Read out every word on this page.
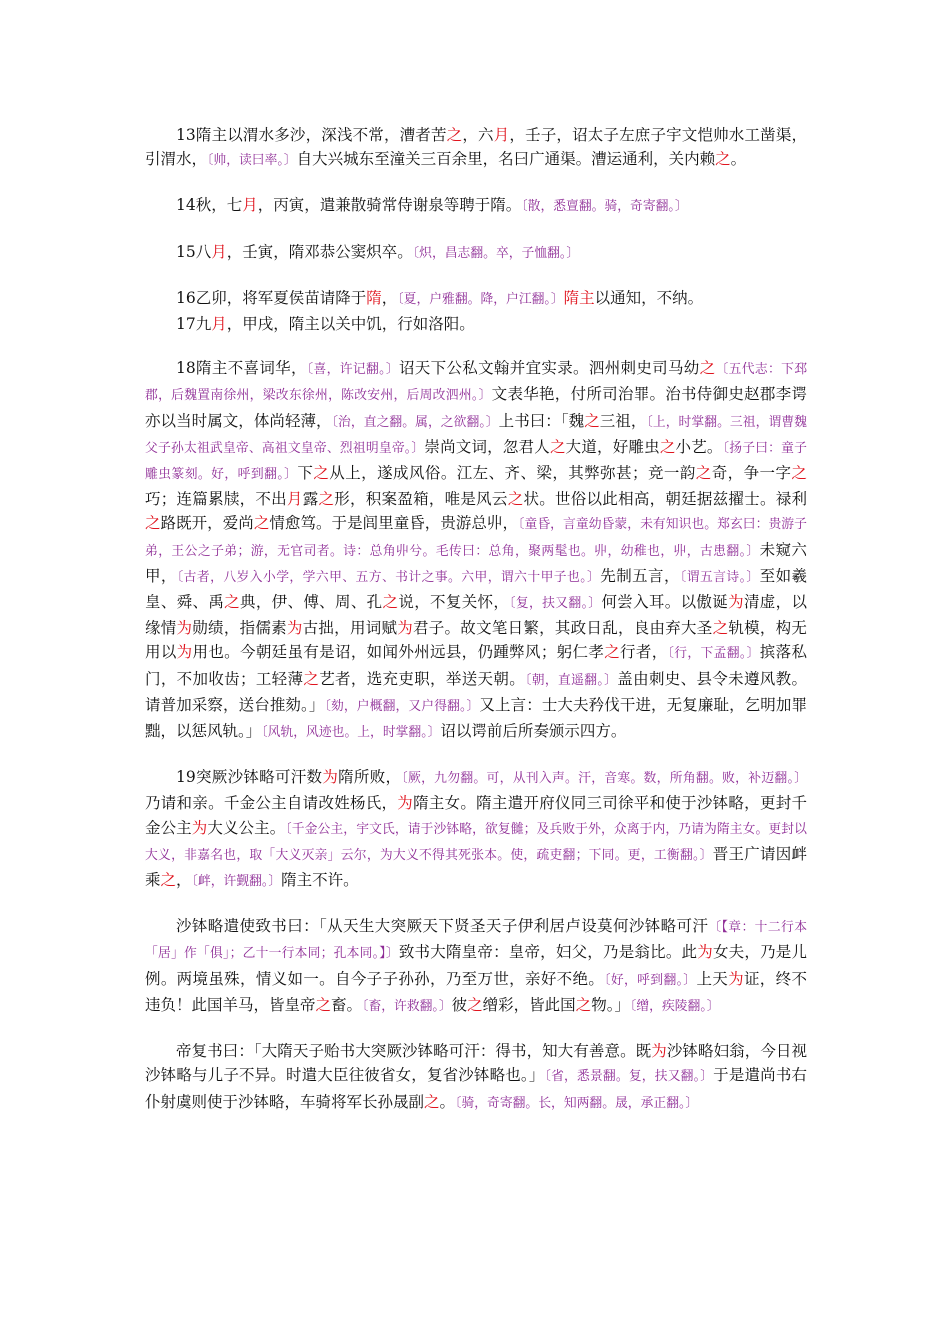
13隋主以渭水多沙，深浅不常，漕者苦之，六月，壬子，诏太子左庶子宇文恺帅水工凿渠，引渭水，〔帅，读曰率。〕自大兴城东至潼关三百余里，名曰广通渠。漕运通利，关内赖之。

14秋，七月，丙寅，遣兼散骑常侍谢泉等聘于隋。〔散，悉亶翻。骑，奇寄翻。〕

15八月，壬寅，隋邓恭公窦炽卒。〔炽，昌志翻。卒，子恤翻。〕

16乙卯，将军夏侯苗请降于隋，〔夏，户雅翻。降，户江翻。〕隋主以通知，不纳。

17九月，甲戌，隋主以关中饥，行如洛阳。

18隋主不喜词华，〔喜，许记翻。〕诏天下公私文翰并宜实录。泗州刺史司马幼之〔五代志：下邳郡，后魏置南徐州，梁改东徐州，陈改安州，后周改泗州。〕文表华艳，付所司治罪。治书侍御史赵郡李谔亦以当时属文，体尚轻薄，〔治，直之翻。属，之欲翻。〕上书曰：「魏之三祖，〔上，时掌翻。三祖，谓曹魏父子孙太祖武皇帝、高祖文皇帝、烈祖明皇帝。〕崇尚文词，忽君人之大道，好雕虫之小艺。〔扬子曰：童子雕虫篆刻。好，呼到翻。〕下之从上，遂成风俗。江左、齐、梁，其弊弥甚；竞一韵之奇，争一字之巧；连篇累牍，不出月露之形，积案盈箱，唯是风云之状。世俗以此相高，朝廷据兹擢士。禄利之路既开，爱尚之情愈笃。于是闾里童昏，贵游总丱，〔童昏，言童幼昏蒙，未有知识也。郑玄曰：贵游子弟，王公之子弟；游，无官司者。诗：总角丱兮。毛传曰：总角，聚两髦也。丱，幼稚也，丱，古患翻。〕未窥六甲，〔古者，八岁入小学，学六甲、五方、书计之事。六甲，谓六十甲子也。〕先制五言，〔谓五言诗。〕至如羲皇、舜、禹之典，伊、傅、周、孔之说，不复关怀，〔复，扶又翻。〕何尝入耳。以傲诞为清虚，以缘情为勋绩，指儒素为古拙，用词赋为君子。故文笔日繁，其政日乱，良由弃大圣之轨模，构无用以为用也。今朝廷虽有是诏，如闻外州远县，仍踵弊风；躬仁孝之行者，〔行，下孟翻。〕摈落私门，不加收齿；工轻薄之艺者，选充吏职，举送天朝。〔朝，直遥翻。〕盖由刺史、县令未遵风教。请普加采察，送台推劾。」〔劾，户概翻，又户得翻。〕又上言：士大夫矜伐干进，无复廉耻，乞明加罪黜，以惩风轨。」〔风轨，风迹也。上，时掌翻。〕诏以谔前后所奏颁示四方。

19突厥沙钵略可汗数为隋所败，〔厥，九勿翻。可，从刊入声。汗，音寒。数，所角翻。败，补迈翻。〕乃请和亲。千金公主自请改姓杨氏，为隋主女。隋主遣开府仪同三司徐平和使于沙钵略，更封千金公主为大义公主。〔千金公主，宇文氏，请于沙钵略，欲复雠；及兵败于外，众离于内，乃请为隋主女。更封以大义，非嘉名也，取「大义灭亲」云尔，为大义不得其死张本。使，疏吏翻；下同。更，工衡翻。〕晋王广请因衅乘之，〔衅，许觐翻。〕隋主不许。

沙钵略遣使致书曰：「从天生大突厥天下贤圣天子伊利居卢设莫何沙钵略可汗〔【章：十二行本「居」作「俱」；乙十一行本同；孔本同。】〕致书大隋皇帝：皇帝，妇父，乃是翁比。此为女夫，乃是儿例。两境虽殊，情义如一。自今子子孙孙，乃至万世，亲好不绝。〔好，呼到翻。〕上天为证，终不违负！此国羊马，皆皇帝之畜。〔畜，许救翻。〕彼之缯彩，皆此国之物。」〔缯，疾陵翻。〕

帝复书曰：「大隋天子贻书大突厥沙钵略可汗：得书，知大有善意。既为沙钵略妇翁，今日视沙钵略与儿子不异。时遣大臣往彼省女，复省沙钵略也。」〔省，悉景翻。复，扶又翻。〕于是遣尚书右仆射虞则使于沙钵略，车骑将军长孙晟副之。〔骑，奇寄翻。长，知两翻。晟，承正翻。〕
